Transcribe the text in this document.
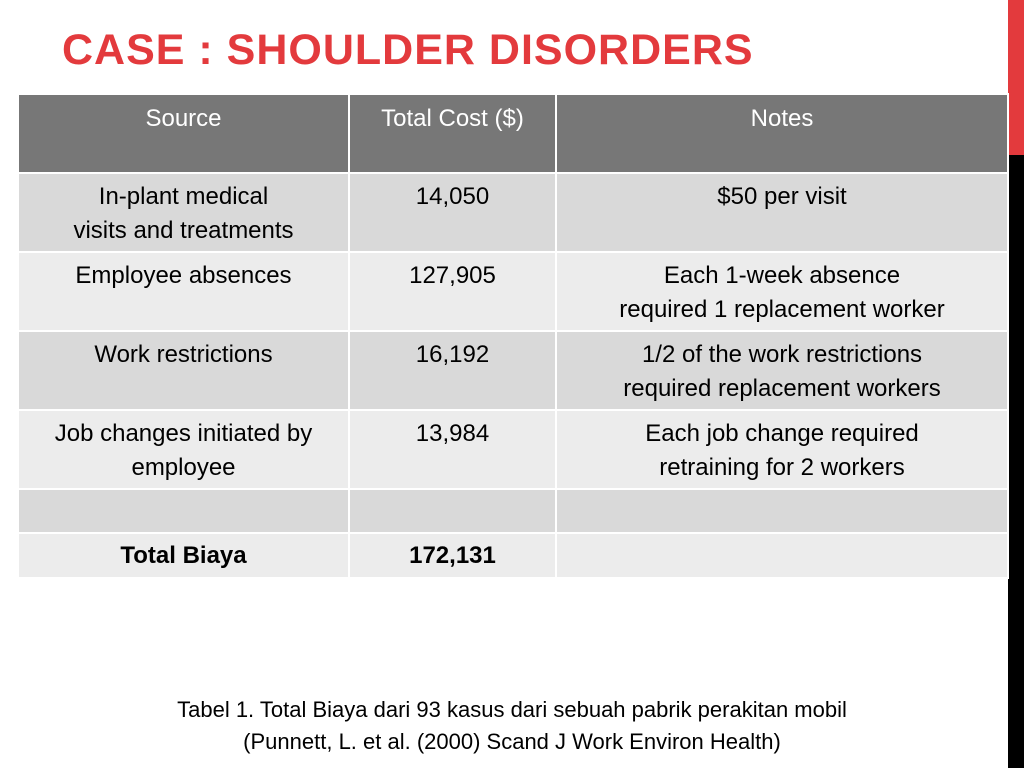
CASE : SHOULDER DISORDERS
Source	Total Cost ($)	Notes

In-plant medical
visits and treatments	14,050	$50 per visit

Employee absences	127,905	Each 1-week absence
required 1 replacement worker

Work restrictions	16,192	1/2 of the work restrictions
required replacement workers

Job changes initiated by
employee	13,984	Each job change required
retraining for 2 workers

Total Biaya	172,131	
Tabel 1. Total Biaya dari 93 kasus dari sebuah pabrik perakitan mobil
(Punnett, L. et al. (2000) Scand J Work Environ Health)
